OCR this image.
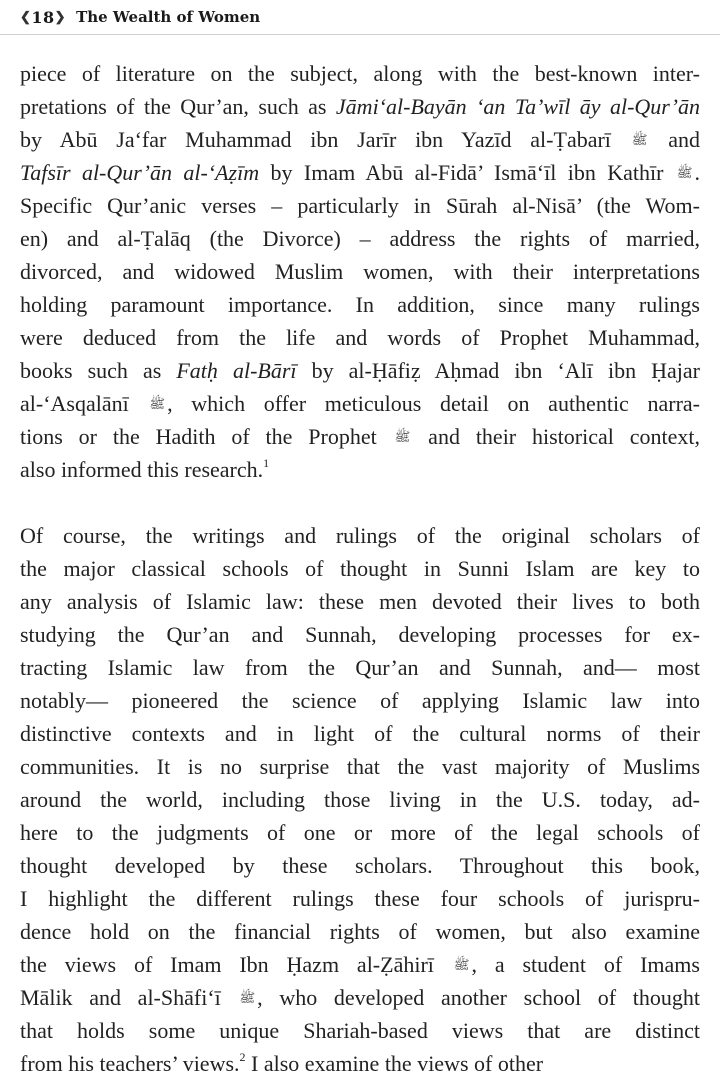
❮ 18 ❯ The Wealth of Women
piece of literature on the subject, along with the best-known inter-
pretations of the Qur’an, such as Jāmi‘al-Bayān ‘an Ta’wīl āy al-Qur’ān
by Abū Ja‘far Muhammad ibn Jarīr ibn Yazīd al-Ṭabarī ﷺ and
Tafsīr al-Qur’ān al-‘Aẓīm by Imam Abū al-Fidā’ Ismā‘īl ibn Kathīr ﷺ.
Specific Qur’anic verses – particularly in Sūrah al-Nisā’ (the Wom-
en) and al-Ṭalāq (the Divorce) – address the rights of married,
divorced, and widowed Muslim women, with their interpretations
holding paramount importance. In addition, since many rulings
were deduced from the life and words of Prophet Muhammad,
books such as Fatḥ al-Bārī by al-Ḥāfiẓ Aḥmad ibn ‘Alī ibn Ḥajar
al-‘Asqalānī ﷺ, which offer meticulous detail on authentic narra-
tions or the Hadith of the Prophet ﷺ and their historical context,
also informed this research.$^1$
Of course, the writings and rulings of the original scholars of
the major classical schools of thought in Sunni Islam are key to
any analysis of Islamic law: these men devoted their lives to both
studying the Qur’an and Sunnah, developing processes for ex-
tracting Islamic law from the Qur’an and Sunnah, and— most
notably— pioneered the science of applying Islamic law into
distinctive contexts and in light of the cultural norms of their
communities. It is no surprise that the vast majority of Muslims
around the world, including those living in the U.S. today, ad-
here to the judgments of one or more of the legal schools of
thought developed by these scholars. Throughout this book,
I highlight the different rulings these four schools of jurispru-
dence hold on the financial rights of women, but also examine
the views of Imam Ibn Ḥazm al-Ẓāhirī ﷺ, a student of Imams
Mālik and al-Shāfi‘ī ﷺ, who developed another school of thought
that holds some unique Shariah-based views that are distinct
from his teachers’ views.$^2$ I also examine the views of other
